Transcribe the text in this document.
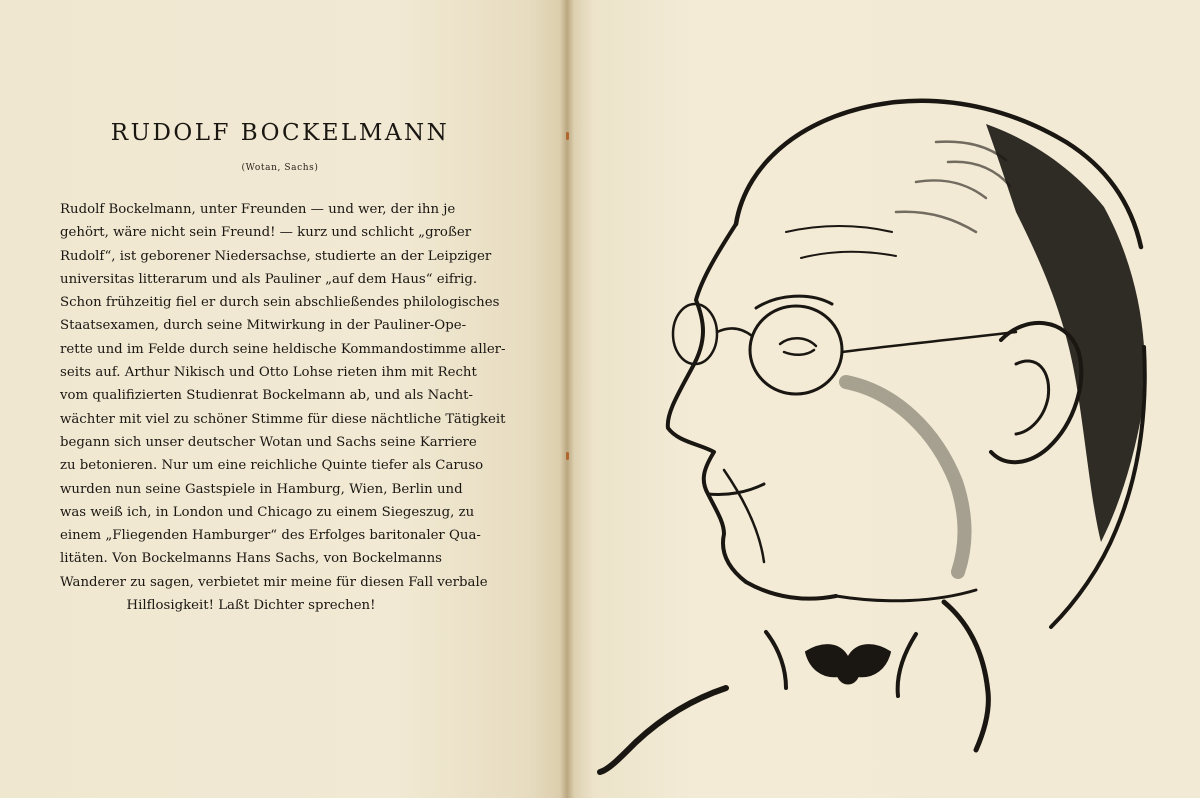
RUDOLF BOCKELMANN
(Wotan, Sachs)
Rudolf Bockelmann, unter Freunden — und wer, der ihn je
gehört, wäre nicht sein Freund! — kurz und schlicht „großer
Rudolf“, ist geborener Niedersachse, studierte an der Leipziger
universitas litterarum und als Pauliner „auf dem Haus“ eifrig.
Schon frühzeitig fiel er durch sein abschließendes philologisches
Staatsexamen, durch seine Mitwirkung in der Pauliner-Ope-
rette und im Felde durch seine heldische Kommandostimme aller-
seits auf. Arthur Nikisch und Otto Lohse rieten ihm mit Recht
vom qualifizierten Studienrat Bockelmann ab, und als Nacht-
wächter mit viel zu schöner Stimme für diese nächtliche Tätigkeit
begann sich unser deutscher Wotan und Sachs seine Karriere
zu betonieren. Nur um eine reichliche Quinte tiefer als Caruso
wurden nun seine Gastspiele in Hamburg, Wien, Berlin und
was weiß ich, in London und Chicago zu einem Siegeszug, zu
einem „Fliegenden Hamburger“ des Erfolges baritonaler Qua-
litäten. Von Bockelmanns Hans Sachs, von Bockelmanns
Wanderer zu sagen, verbietet mir meine für diesen Fall verbale
Hilflosigkeit! Laßt Dichter sprechen!
